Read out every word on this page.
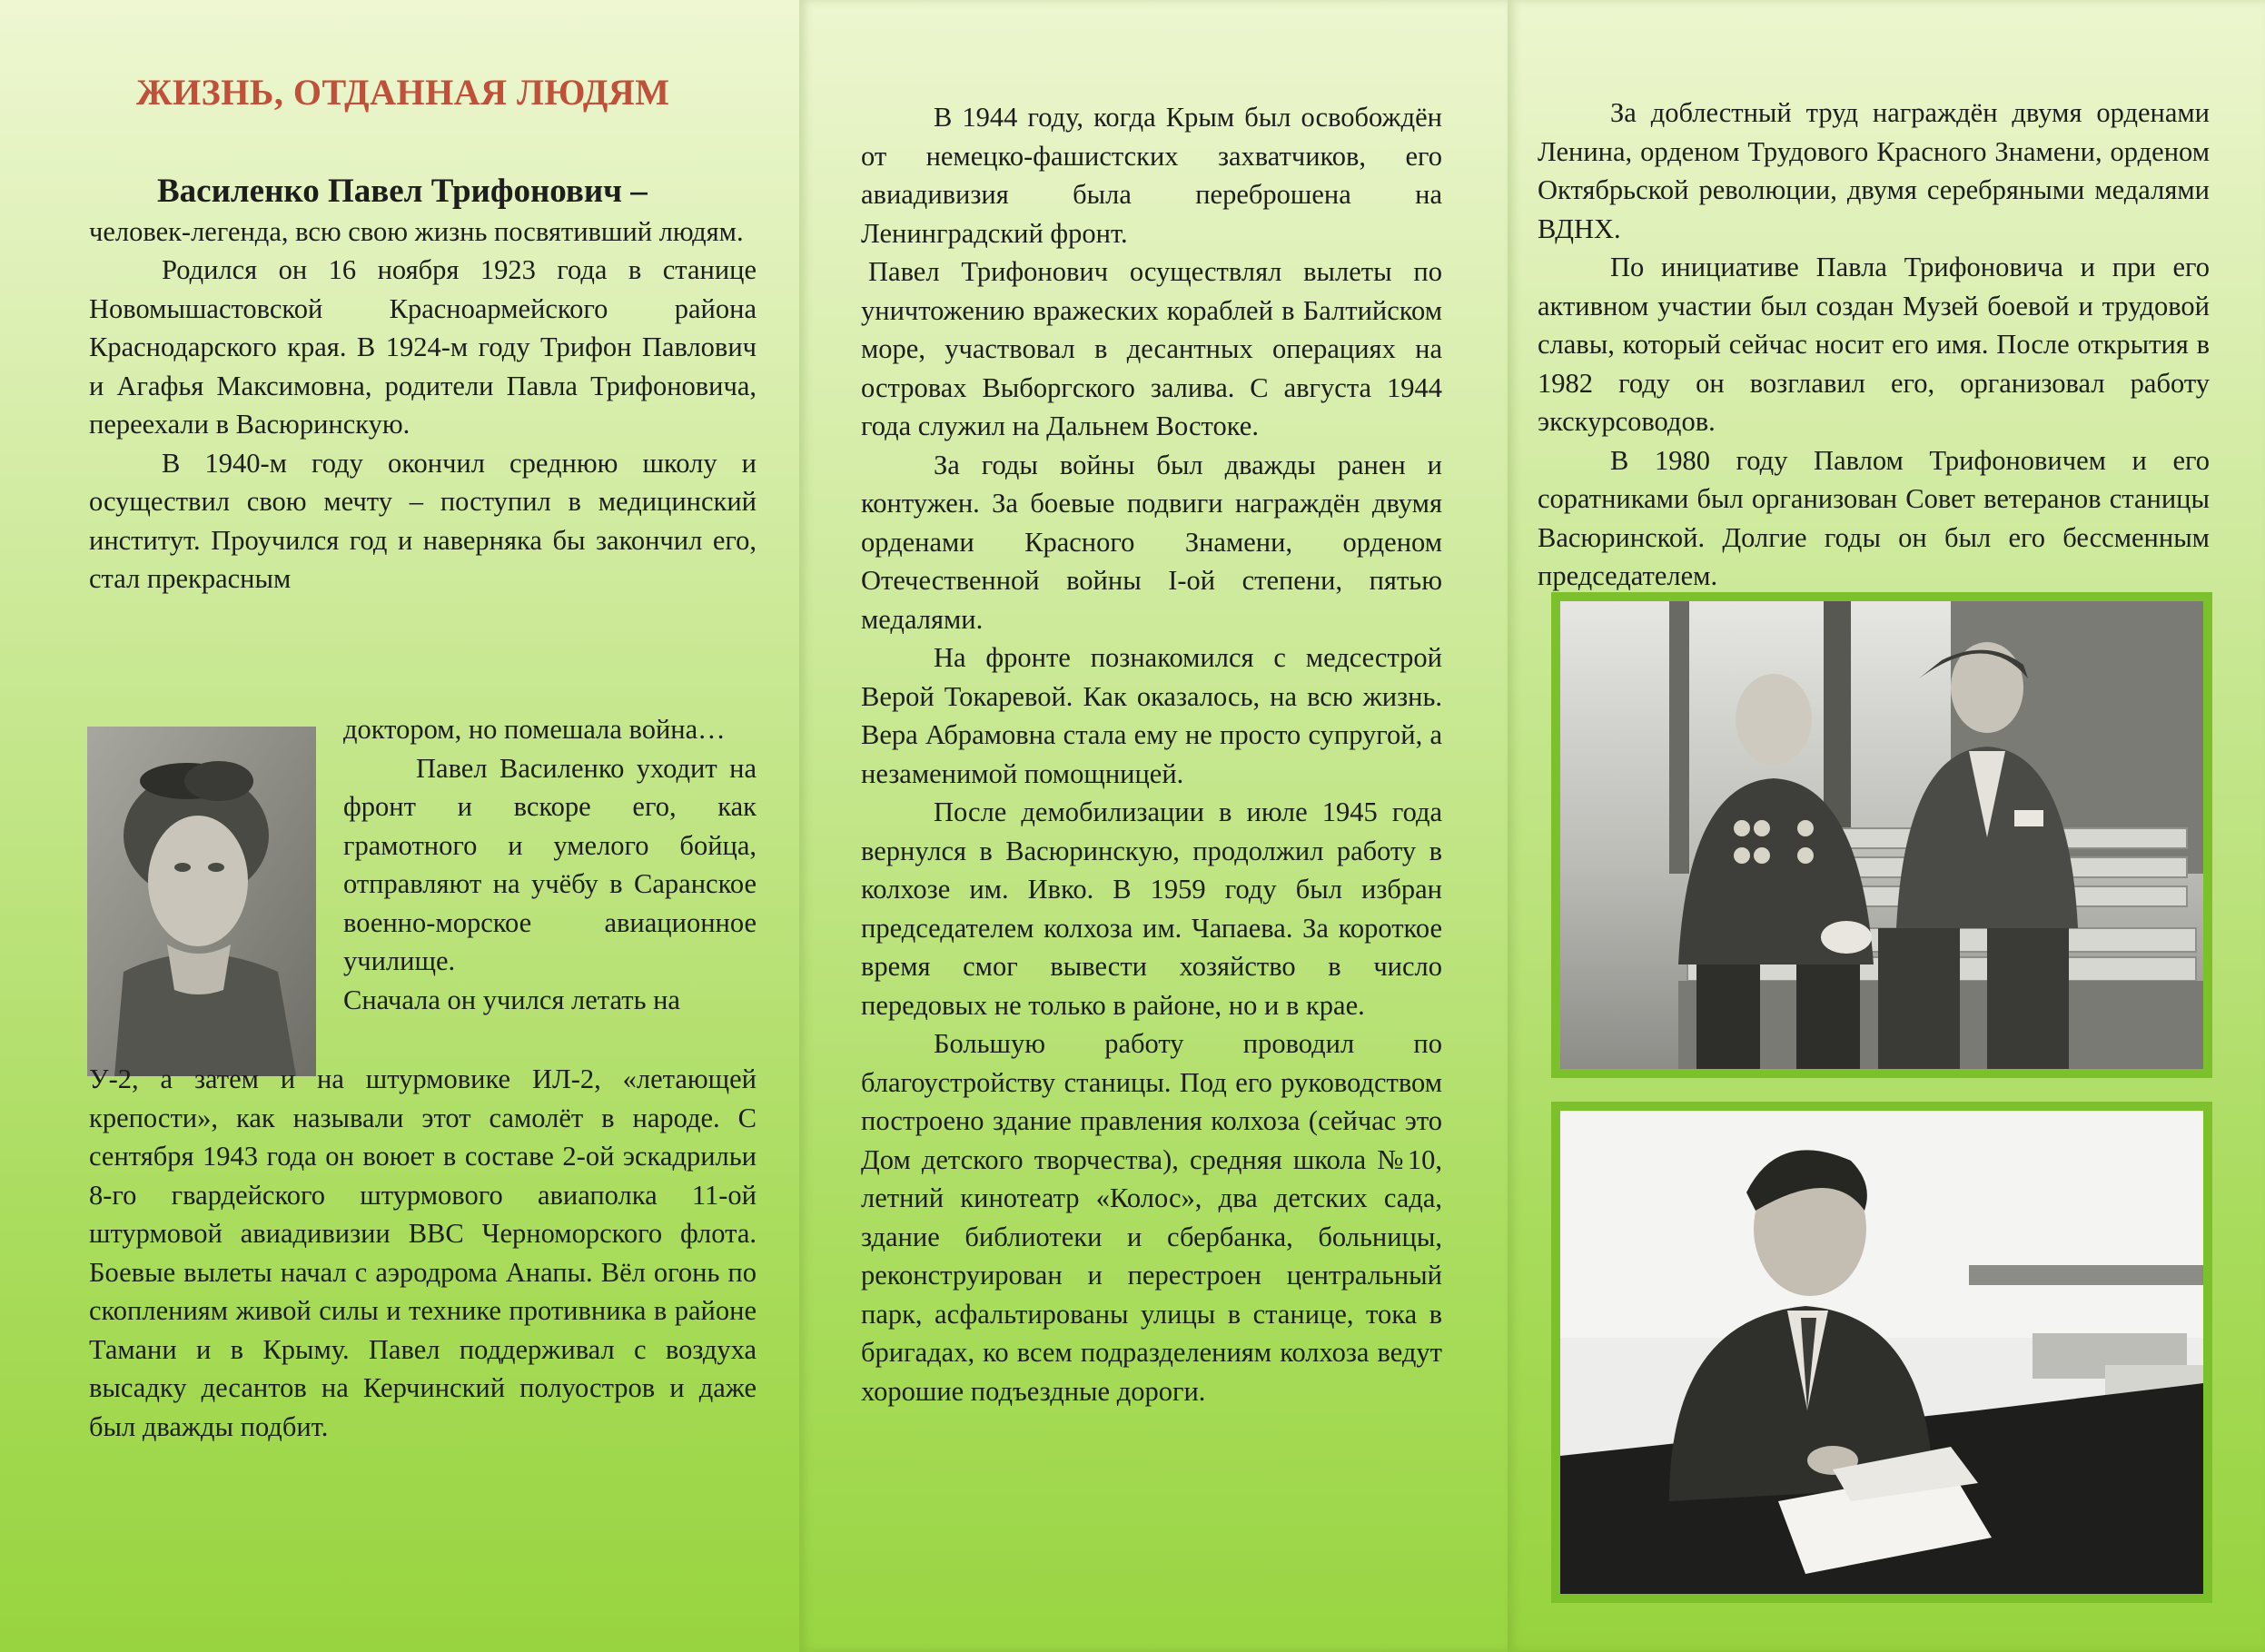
ЖИЗНЬ, ОТДАННАЯ ЛЮДЯМ

Василенко Павел Трифонович –

человек-легенда, всю свою жизнь посвятивший людям.

Родился он 16 ноября 1923 года в станице Новомышастовской Красноармейского района Краснодарского края. В 1924-м году Трифон Павлович и Агафья Максимовна, родители Павла Трифоновича, переехали в Васюринскую.

В 1940-м году окончил среднюю школу и осуществил свою мечту – поступил в медицинский институт. Проучился год и наверняка бы закончил его, стал прекрасным

доктором, но помешала война…

Павел Василенко уходит на фронт и вскоре его, как грамотного и умелого бойца, отправляют на учёбу в Саранское военно-морское авиационное училище.

Сначала он учился летать на

У-2, а затем и на штурмовике ИЛ-2, «летающей крепости», как называли этот самолёт в народе. С сентября 1943 года он воюет в составе 2-ой эскадрильи 8-го гвардейского штурмового авиаполка 11-ой штурмовой авиадивизии ВВС Черноморского флота. Боевые вылеты начал с аэродрома Анапы. Вёл огонь по скоплениям живой силы и технике противника в районе Тамани и в Крыму. Павел поддерживал с воздуха высадку десантов на Керчинский полуостров и даже был дважды подбит.

В 1944 году, когда Крым был освобождён от немецко-фашистских захватчиков, его авиадивизия была переброшена на Ленинградский фронт.

Павел Трифонович осуществлял вылеты по уничтожению вражеских кораблей в Балтийском море, участвовал в десантных операциях на островах Выборгского залива. С августа 1944 года служил на Дальнем Востоке.

За годы войны был дважды ранен и контужен. За боевые подвиги награждён двумя орденами Красного Знамени, орденом Отечественной войны I-ой степени, пятью медалями.

На фронте познакомился с медсестрой Верой Токаревой. Как оказалось, на всю жизнь. Вера Абрамовна стала ему не просто супругой, а незаменимой помощницей.

После демобилизации в июле 1945 года вернулся в Васюринскую, продолжил работу в колхозе им. Ивко. В 1959 году был избран председателем колхоза им. Чапаева. За короткое время смог вывести хозяйство в число передовых не только в районе, но и в крае.

Большую работу проводил по благоустройству станицы. Под его руководством построено здание правления колхоза (сейчас это Дом детского творчества), средняя школа №10, летний кинотеатр «Колос», два детских сада, здание библиотеки и сбербанка, больницы, реконструирован и перестроен центральный парк, асфальтированы улицы в станице, тока в бригадах, ко всем подразделениям колхоза ведут хорошие подъездные дороги.

За доблестный труд награждён двумя орденами Ленина, орденом Трудового Красного Знамени, орденом Октябрьской революции, двумя серебряными медалями ВДНХ.

По инициативе Павла Трифоновича и при его активном участии был создан Музей боевой и трудовой славы, который сейчас носит его имя. После открытия в 1982 году он возглавил его, организовал работу экскурсоводов.

В 1980 году Павлом Трифоновичем и его соратниками был организован Совет ветеранов станицы Васюринской. Долгие годы он был его бессменным председателем.
